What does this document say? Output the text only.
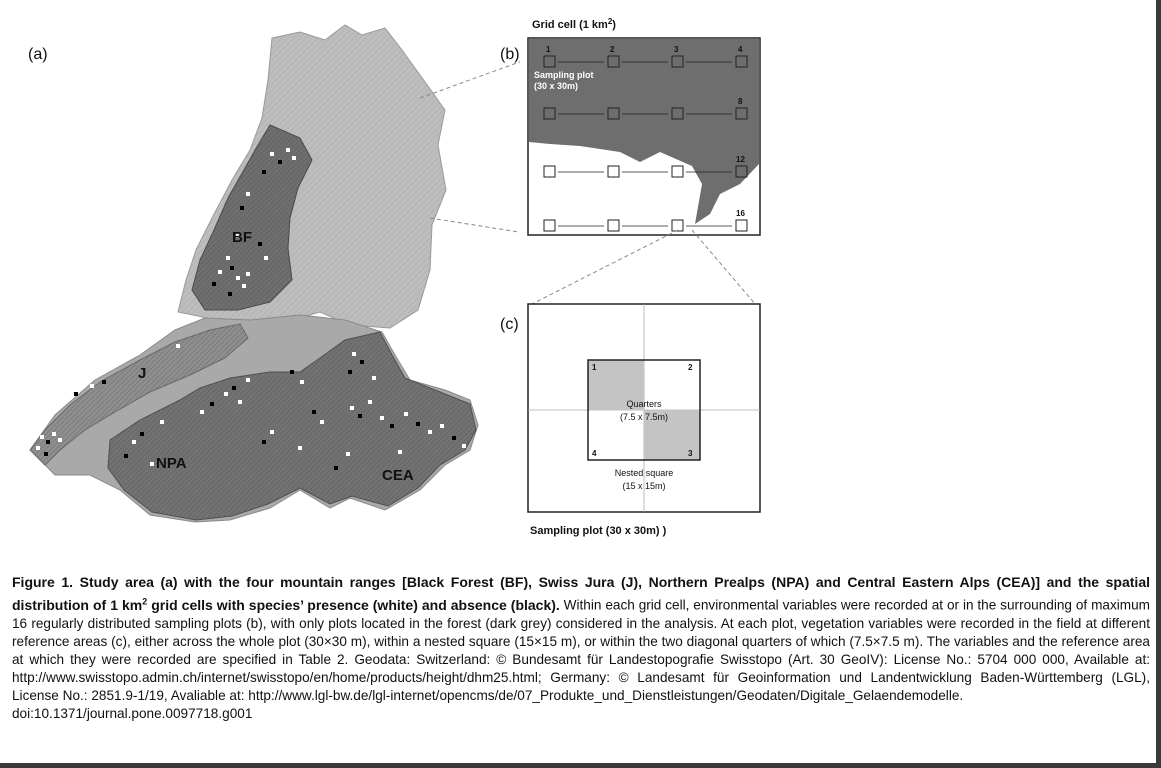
(a)
BF
J
NPA
CEA
(b)
Grid cell (1 $km^2$)
1	2	3	4
8
12
16
Sampling plot
(30 x 30m)
(c)
1	2
3
4
Quarters
(7.5 x 7.5m)
Nested square
(15 x 15m)
Sampling plot (30 x 30m) )
Figure 1. Study area (a) with the four mountain ranges [Black Forest (BF), Swiss Jura (J), Northern Prealps (NPA) and Central Eastern Alps (CEA)] and the spatial distribution of 1 $km^2$ grid cells with species’ presence (white) and absence (black). Within each grid cell, environmental variables were recorded at or in the surrounding of maximum 16 regularly distributed sampling plots (b), with only plots located in the forest (dark grey) considered in the analysis. At each plot, vegetation variables were recorded in the field at different reference areas (c), either across the whole plot (30×30 m), within a nested square (15×15 m), or within the two diagonal quarters of which (7.5×7.5 m). The variables and the reference area at which they were recorded are specified in Table 2. Geodata: Switzerland: © Bundesamt für Landestopografie Swisstopo (Art. 30 GeoIV): License No.: 5704 000 000, Available at: http://www.swisstopo.admin.ch/internet/swisstopo/en/home/products/height/dhm25.html; Germany: © Landesamt für Geoinformation und Landentwicklung Baden-Württemberg (LGL), License No.: 2851.9-1/19, Avaliable at: http://www.lgl-bw.de/lgl-internet/opencms/de/07_Produkte_und_Dienstleistungen/Geodaten/Digitale_Gelaendemodelle.
doi:10.1371/journal.pone.0097718.g001
